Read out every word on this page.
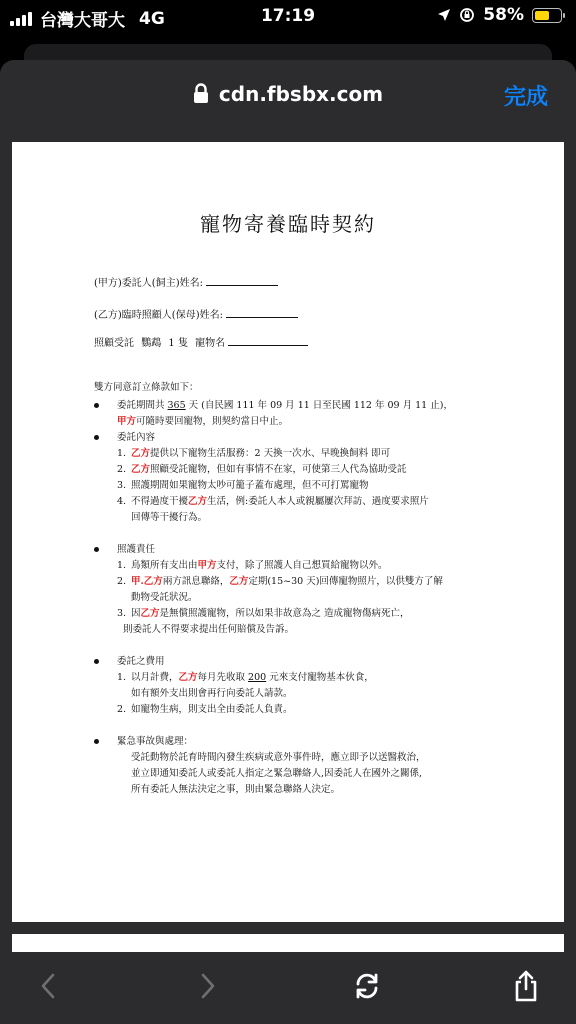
台灣大哥大 4G	17:19	58%
cdn.fbsbx.com	完成
寵物寄養臨時契約
(甲方)委託人(飼主)姓名:
(乙方)臨時照顧人(保母)姓名:
照顧受託 鸚鵡 1 隻 寵物名
雙方同意訂立條款如下：
委託期間共 365 天 (自民國 111 年 09 月 11 日至民國 112 年 09 月 11 止)，
甲方可隨時要回寵物，則契約當日中止。
委託內容
1. 乙方提供以下寵物生活服務：2 天換一次水、早晚換飼料 即可
2. 乙方照顧受託寵物，但如有事情不在家，可使第三人代為協助受託
3. 照護期間如果寵物太吵可籠子蓋布處理，但不可打罵寵物
4. 不得過度干擾乙方生活，例:委託人本人或親屬屢次拜訪、過度要求照片
回傳等干擾行為。
照護責任
1. 鳥類所有支出由甲方支付，除了照護人自己想買給寵物以外。
2. 甲.乙方兩方訊息聯絡，乙方定期(15~30 天)回傳寵物照片，以供雙方了解
動物受託狀況。
3. 因乙方是無償照護寵物，所以如果非故意為之 造成寵物傷病死亡，
則委託人不得要求提出任何賠償及告訴。
委託之費用
1. 以月計費，乙方每月先收取 200 元來支付寵物基本伙食，
如有額外支出則會再行向委託人請款。
2. 如寵物生病，則支出全由委託人負責。
緊急事故與處理：
受託動物於託育時間內發生疾病或意外事件時，應立即予以送醫救治，
並立即通知委託人或委託人指定之緊急聯絡人,因委託人在國外之關係,
所有委託人無法決定之事，則由緊急聯絡人決定。
